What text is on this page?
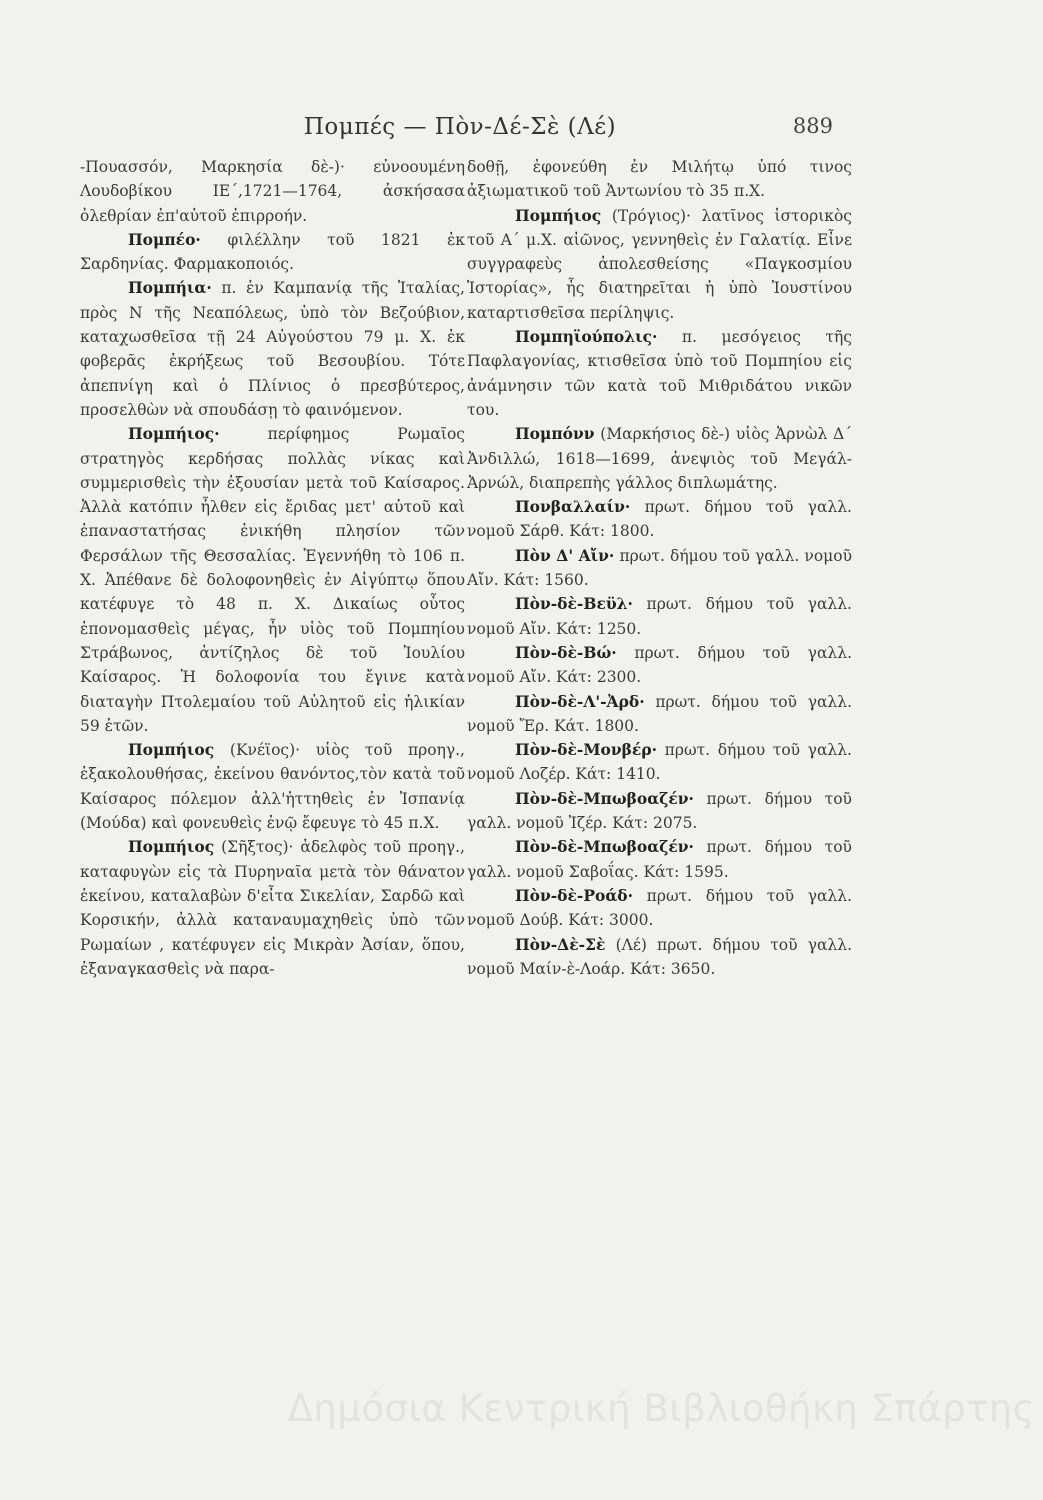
Πομπές — Πὸν-Δέ-Σὲ (Λέ)	889

-Πουασσόν, Μαρκησία δὲ-)· εὐνοουμένη Λουδοβίκου ΙΕ΄,1721—1764, ἀσκήσασα ὀλεθρίαν ἐπ'αὐτοῦ ἐπιρροήν.

Πομπέο· φιλέλλην τοῦ 1821 ἐκ Σαρδηνίας. Φαρμακοποιός.

Πομπήια· π. ἐν Καμπανίᾳ τῆς Ἰταλίας, πρὸς Ν τῆς Νεαπόλεως, ὑπὸ τὸν Βεζούβιον, καταχωσθεῖσα τῇ 24 Αὐγούστου 79 μ. Χ. ἐκ φοβερᾶς ἐκρήξεως τοῦ Βεσουβίου. Τότε ἀπεπνίγη καὶ ὁ Πλίνιος ὁ πρεσβύτερος, προσελθὼν νὰ σπουδάσῃ τὸ φαινόμενον.

Πομπήιος·	περίφημος Ρωμαῖος στρατηγὸς κερδήσας πολλὰς νίκας καὶ συμμερισθεὶς τὴν ἐξουσίαν μετὰ τοῦ Καίσαρος. Ἀλλὰ κατόπιν ἦλθεν εἰς ἔριδας μετ' αὐτοῦ καὶ ἐπαναστατήσας ἐνικήθη πλησίον τῶν Φερσάλων τῆς Θεσσαλίας. Ἐγεννήθη τὸ 106 π. Χ. Ἀπέθανε δὲ δολοφονηθεὶς ἐν Αἰγύπτῳ ὅπου κατέφυγε τὸ 48 π. Χ. Δικαίως οὗτος ἐπονομασθεὶς μέγας, ἦν υἱὸς τοῦ Πομπηίου Στράβωνος, ἀντίζηλος δὲ τοῦ Ἰουλίου Καίσαρος. Ἡ δολοφονία του ἔγινε κατὰ διαταγὴν Πτολεμαίου τοῦ Αὐλητοῦ εἰς ἡλικίαν 59 ἐτῶν.

Πομπήιος (Κνέϊος)· υἱὸς τοῦ προηγ., ἐξακολουθήσας, ἐκείνου θανόντος,τὸν κατὰ τοῦ Καίσαρος πόλεμον ἀλλ'ἡττηθεὶς ἐν Ἰσπανίᾳ (Μούδα) καὶ φονευθεὶς ἐνῷ ἔφευγε τὸ 45 π.Χ.

Πομπήιος (Σῆξτος)· ἀδελφὸς τοῦ προηγ., καταφυγὼν εἰς τὰ Πυρηναῖα μετὰ τὸν θάνατον ἐκείνου, καταλαβὼν δ'εἶτα Σικελίαν, Σαρδῶ καὶ Κορσικήν, ἀλλὰ καταναυμαχηθεὶς ὑπὸ τῶν Ρωμαίων , κατέφυγεν εἰς Μικρὰν Ἀσίαν, ὅπου, ἐξαναγκασθεὶς νὰ παρα-

δοθῇ, ἐφονεύθη ἐν Μιλήτῳ ὑπό τινος ἀξιωματικοῦ τοῦ Ἀντωνίου τὸ 35 π.Χ.

Πομπήιος (Τρόγιος)· λατῖνος ἱστορικὸς τοῦ Α΄ μ.Χ. αἰῶνος, γεννηθεὶς ἐν Γαλατίᾳ. Εἶνε συγγραφεὺς ἀπολεσθείσης «Παγκοσμίου Ἱστορίας», ἧς διατηρεῖται ἡ ὑπὸ Ἰουστίνου καταρτισθεῖσα περίληψις.

Πομπηϊούπολις· π. μεσόγειος τῆς Παφλαγονίας, κτισθεῖσα ὑπὸ τοῦ Πομπηίου εἰς ἀνάμνησιν τῶν κατὰ τοῦ Μιθριδάτου νικῶν του.

Πομπόνν (Μαρκήσιος δὲ-) υἱὸς Ἀρνὼλ Δ΄ Ἀνδιλλώ, 1618—1699, ἀνεψιὸς τοῦ Μεγάλ-Ἀρνώλ, διαπρεπὴς γάλλος διπλωμάτης.

Πονβαλλαίν· πρωτ. δήμου τοῦ γαλλ. νομοῦ Σάρθ. Κάτ: 1800.

Πὸν Δ' Αἴν· πρωτ. δήμου τοῦ γαλλ. νομοῦ Αἴν. Κάτ: 1560.

Πὸν-δὲ-Βεϋλ· πρωτ. δήμου τοῦ γαλλ. νομοῦ Αἴν. Κάτ: 1250.

Πὸν-δὲ-Βώ· πρωτ. δήμου τοῦ γαλλ. νομοῦ Αἴν. Κάτ: 2300.

Πὸν-δὲ-Λ'-Ἀρδ· πρωτ. δήμου τοῦ γαλλ. νομοῦ Ἔρ. Κάτ. 1800.

Πὸν-δὲ-Μονβέρ· πρωτ. δήμου τοῦ γαλλ. νομοῦ Λοζέρ. Κάτ: 1410.

Πὸν-δὲ-Μπωβοαζέν· πρωτ. δήμου τοῦ γαλλ. νομοῦ Ἰζέρ. Κάτ: 2075.

Πὸν-δὲ-Μπωβοαζέν· πρωτ. δήμου τοῦ γαλλ. νομοῦ Σαβοΐας. Κάτ: 1595.

Πὸν-δὲ-Ροάδ· πρωτ. δήμου τοῦ γαλλ. νομοῦ Δούβ. Κάτ: 3000.

Πὸν-Δὲ-Σὲ (Λέ) πρωτ. δήμου τοῦ γαλλ. νομοῦ Μαίν-ὲ-Λοάρ. Κάτ: 3650.

Δημόσια Κεντρική Βιβλιοθήκη Σπάρτης
